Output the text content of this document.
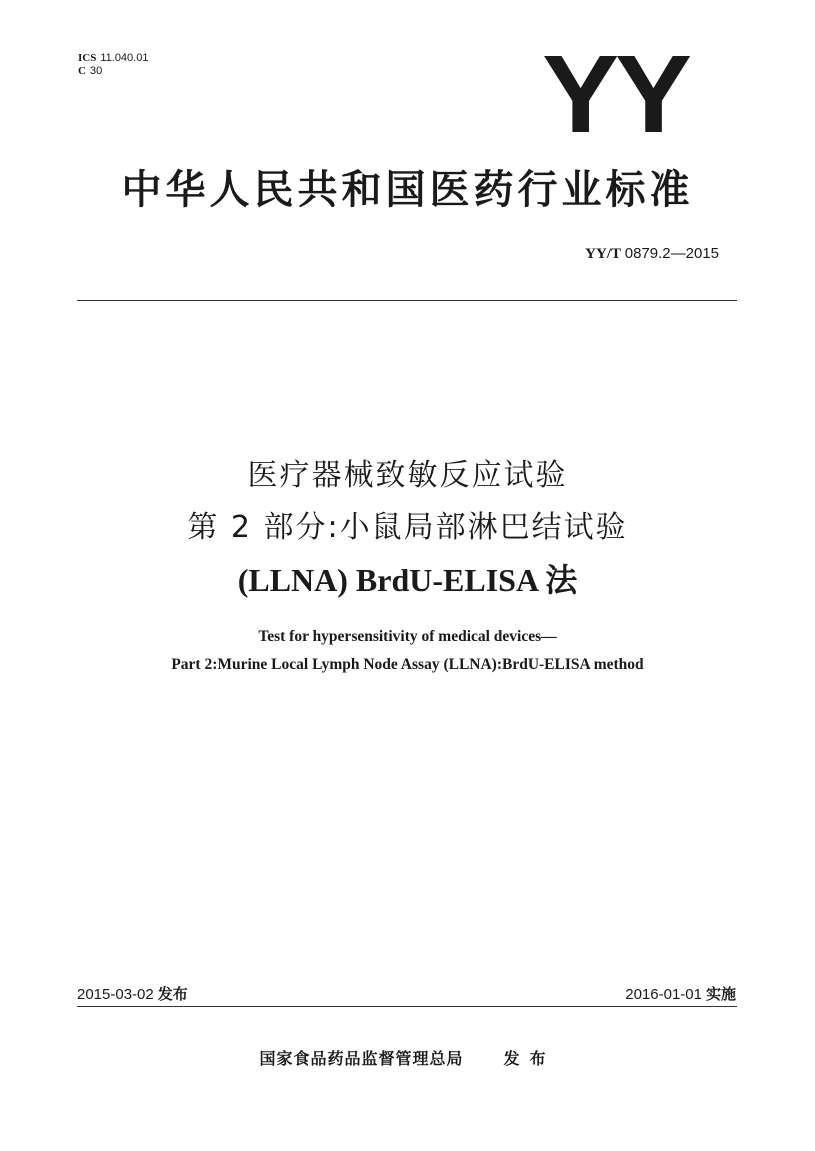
ICS 11.040.01
C 30	YY
中华人民共和国医药行业标准
YY/T 0879.2—2015
医疗器械致敏反应试验
第 2 部分:小鼠局部淋巴结试验
(LLNA) BrdU-ELISA 法
Test for hypersensitivity of medical devices—
Part 2:Murine Local Lymph Node Assay (LLNA):BrdU-ELISA method
2015-03-02 发布	2016-01-01 实施
国家食品药品监督管理总局	发布
